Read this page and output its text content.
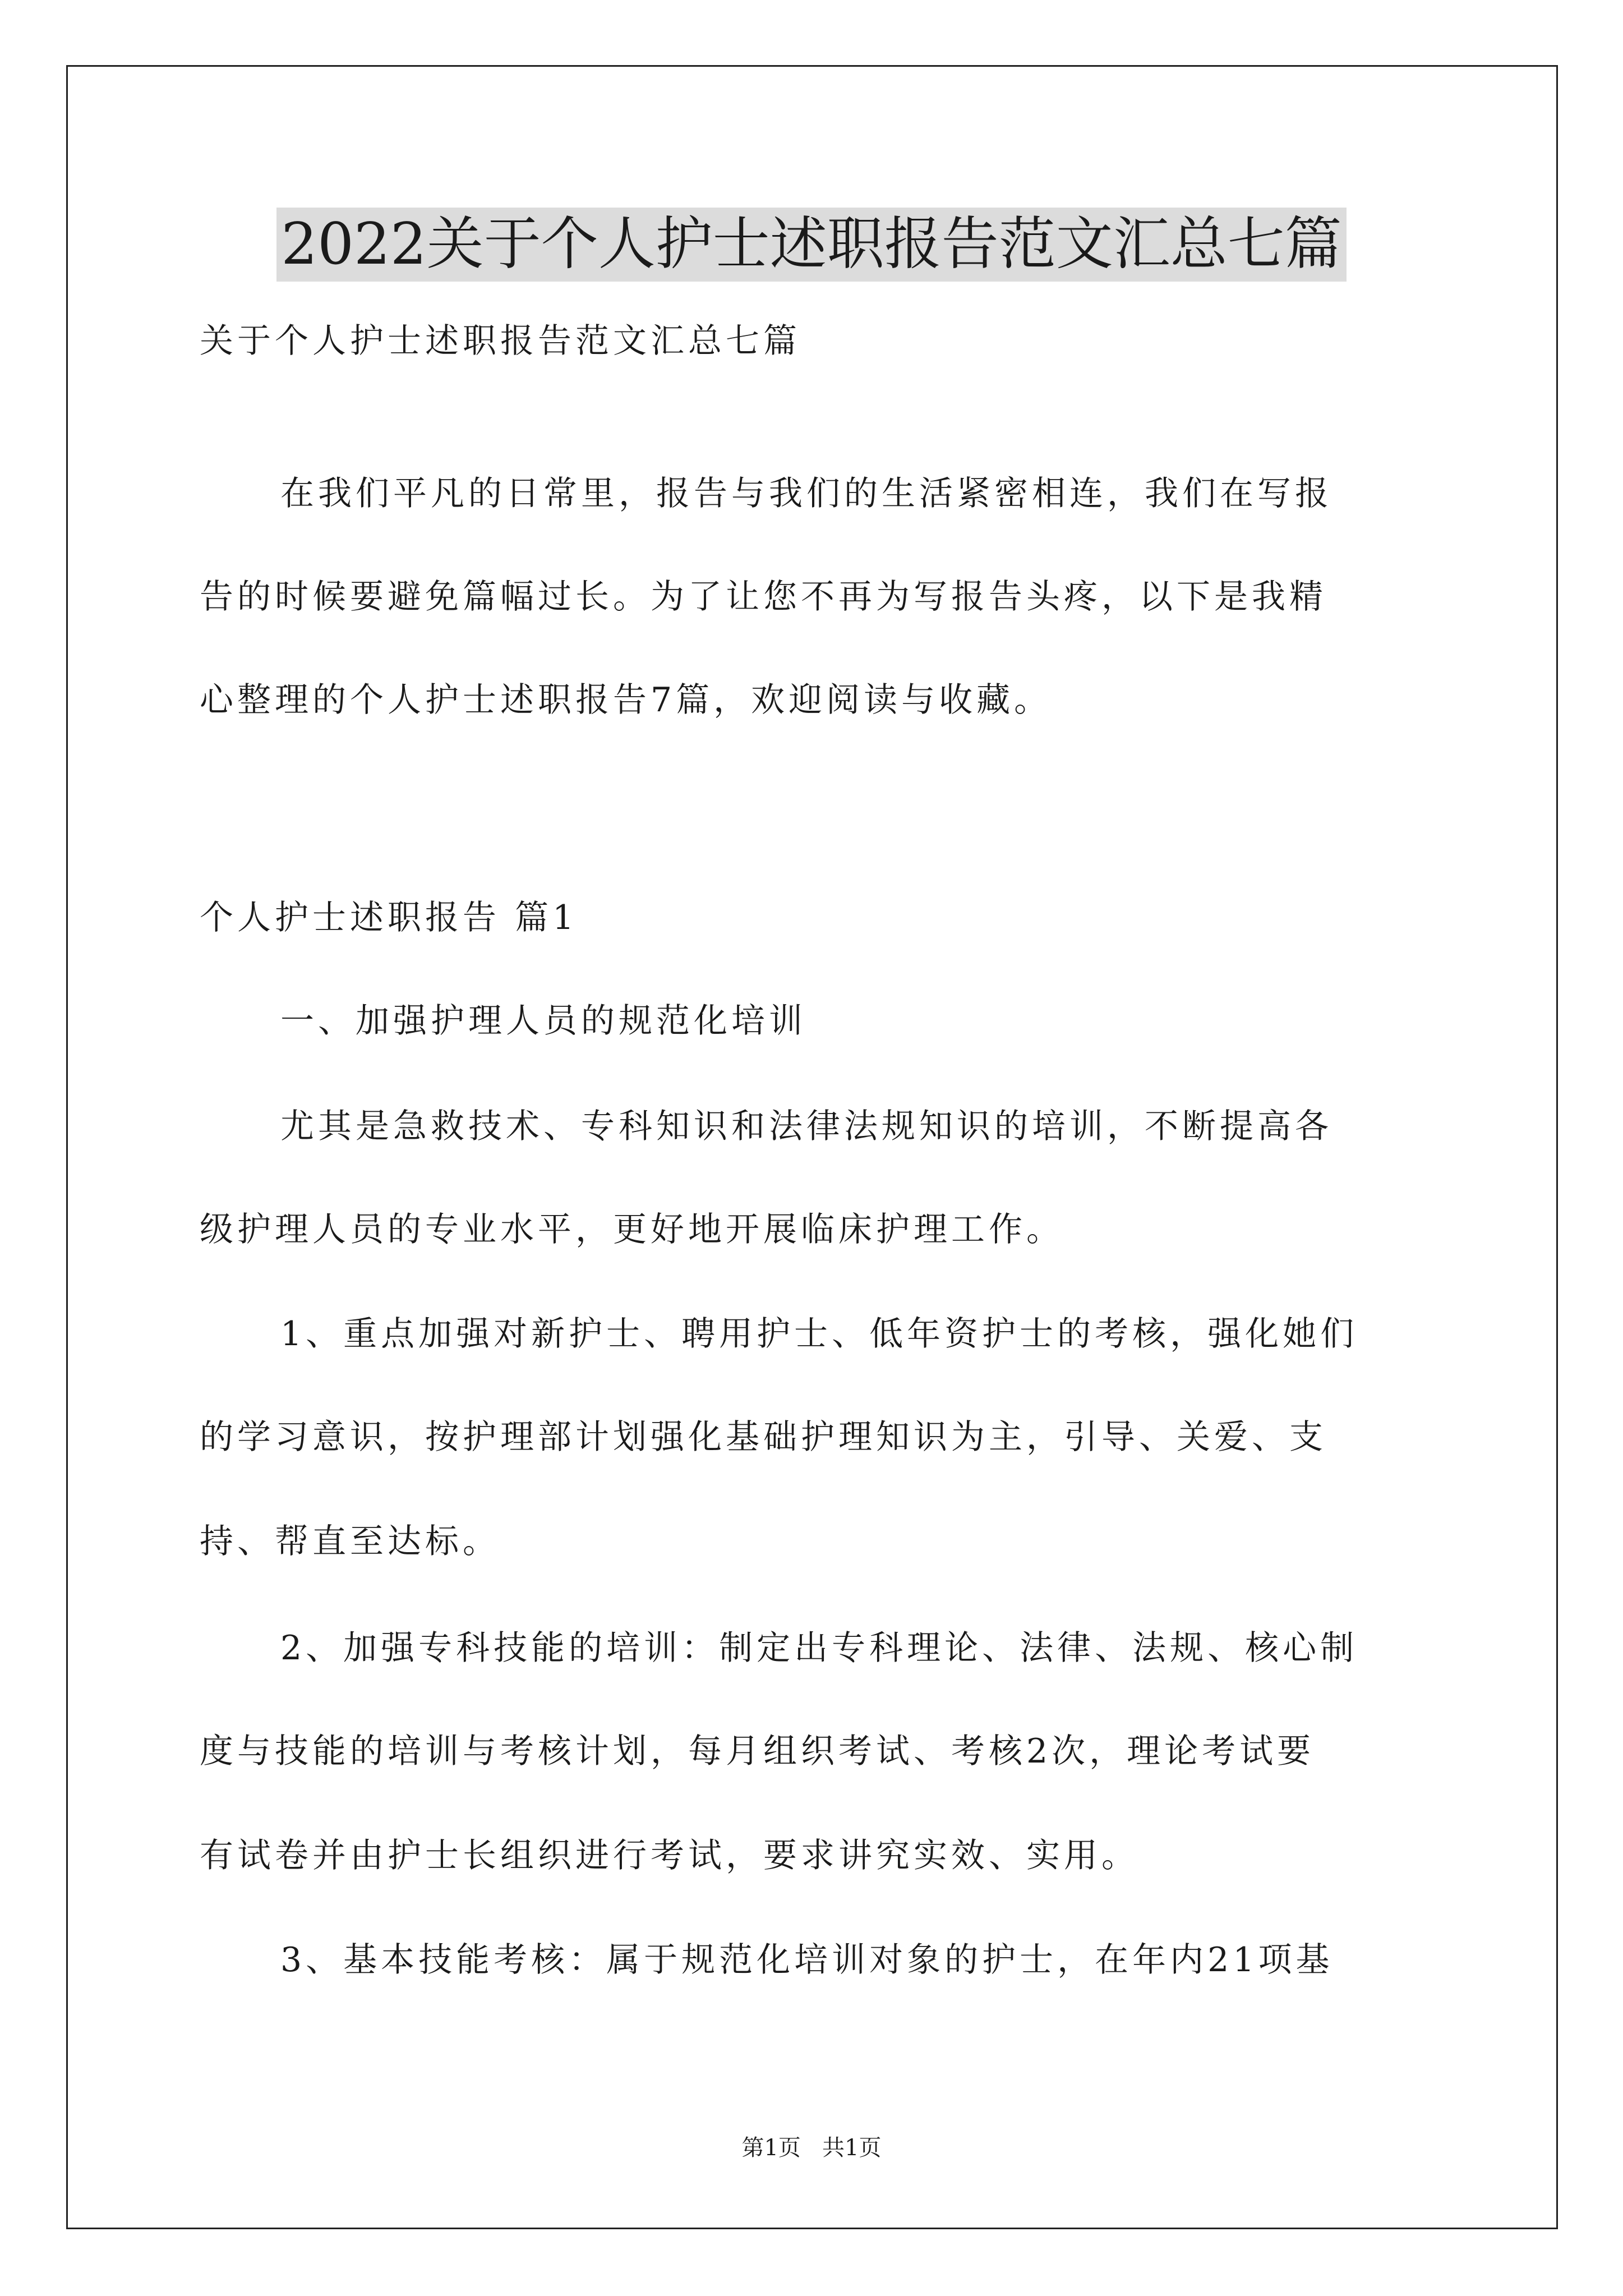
2022关于个人护士述职报告范文汇总七篇
关于个人护士述职报告范文汇总七篇
在我们平凡的日常里，报告与我们的生活紧密相连，我们在写报
告的时候要避免篇幅过长。为了让您不再为写报告头疼，以下是我精
心整理的个人护士述职报告7篇，欢迎阅读与收藏。
个人护士述职报告 篇1
一、加强护理人员的规范化培训
尤其是急救技术、专科知识和法律法规知识的培训，不断提高各
级护理人员的专业水平，更好地开展临床护理工作。
1、重点加强对新护士、聘用护士、低年资护士的考核，强化她们
的学习意识，按护理部计划强化基础护理知识为主，引导、关爱、支
持、帮直至达标。
2、加强专科技能的培训：制定出专科理论、法律、法规、核心制
度与技能的培训与考核计划，每月组织考试、考核2次，理论考试要
有试卷并由护士长组织进行考试，要求讲究实效、实用。
3、基本技能考核：属于规范化培训对象的护士，在年内21项基
第1页   共1页
